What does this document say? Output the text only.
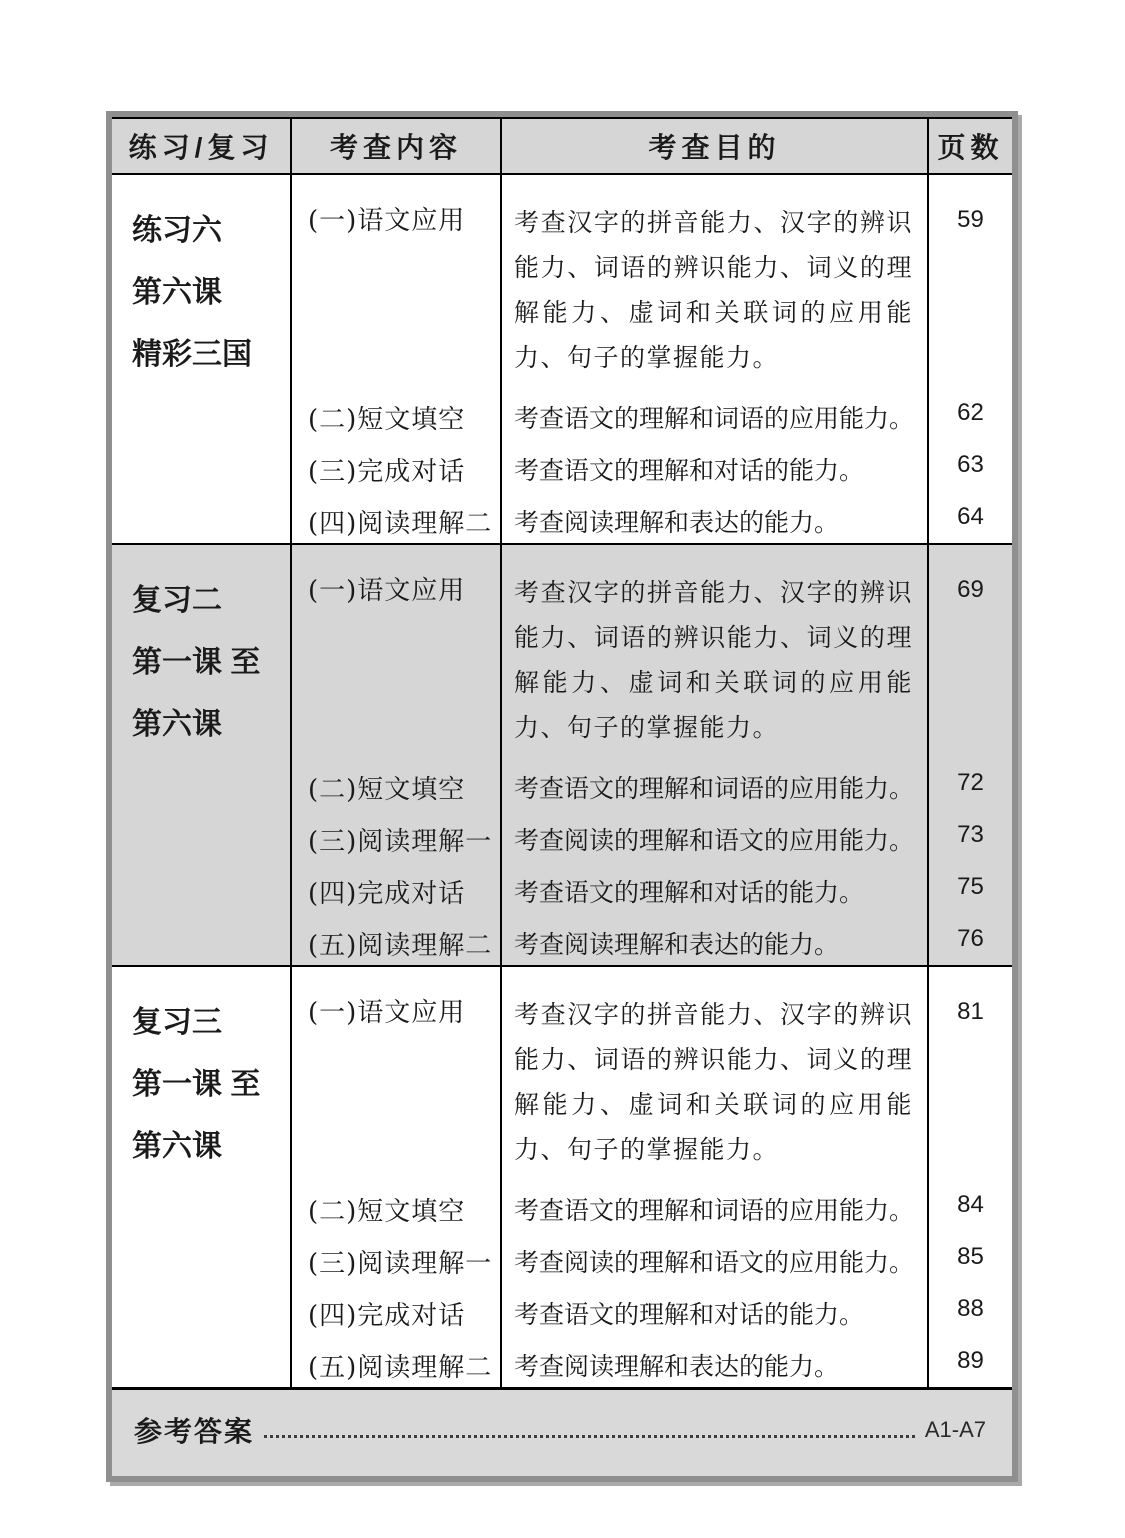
练习/复习	考查内容	考查目的	页数

练习六
第六课
精彩三国	(一)语文应用	考查汉字的拼音能力、汉字的辨识能力、词语的辨识能力、词义的理解能力、虚词和关联词的应用能力、句子的掌握能力。	59
	(二)短文填空	考查语文的理解和词语的应用能力。	62
	(三)完成对话	考查语文的理解和对话的能力。	63
	(四)阅读理解二	考查阅读理解和表达的能力。	64

复习二
第一课 至
第六课	(一)语文应用	考查汉字的拼音能力、汉字的辨识能力、词语的辨识能力、词义的理解能力、虚词和关联词的应用能力、句子的掌握能力。	69
	(二)短文填空	考查语文的理解和词语的应用能力。	72
	(三)阅读理解一	考查阅读的理解和语文的应用能力。	73
	(四)完成对话	考查语文的理解和对话的能力。	75
	(五)阅读理解二	考查阅读理解和表达的能力。	76

复习三
第一课 至
第六课	(一)语文应用	考查汉字的拼音能力、汉字的辨识能力、词语的辨识能力、词义的理解能力、虚词和关联词的应用能力、句子的掌握能力。	81
	(二)短文填空	考查语文的理解和词语的应用能力。	84
	(三)阅读理解一	考查阅读的理解和语文的应用能力。	85
	(四)完成对话	考查语文的理解和对话的能力。	88
	(五)阅读理解二	考查阅读理解和表达的能力。	89
参考答案	A1-A7
